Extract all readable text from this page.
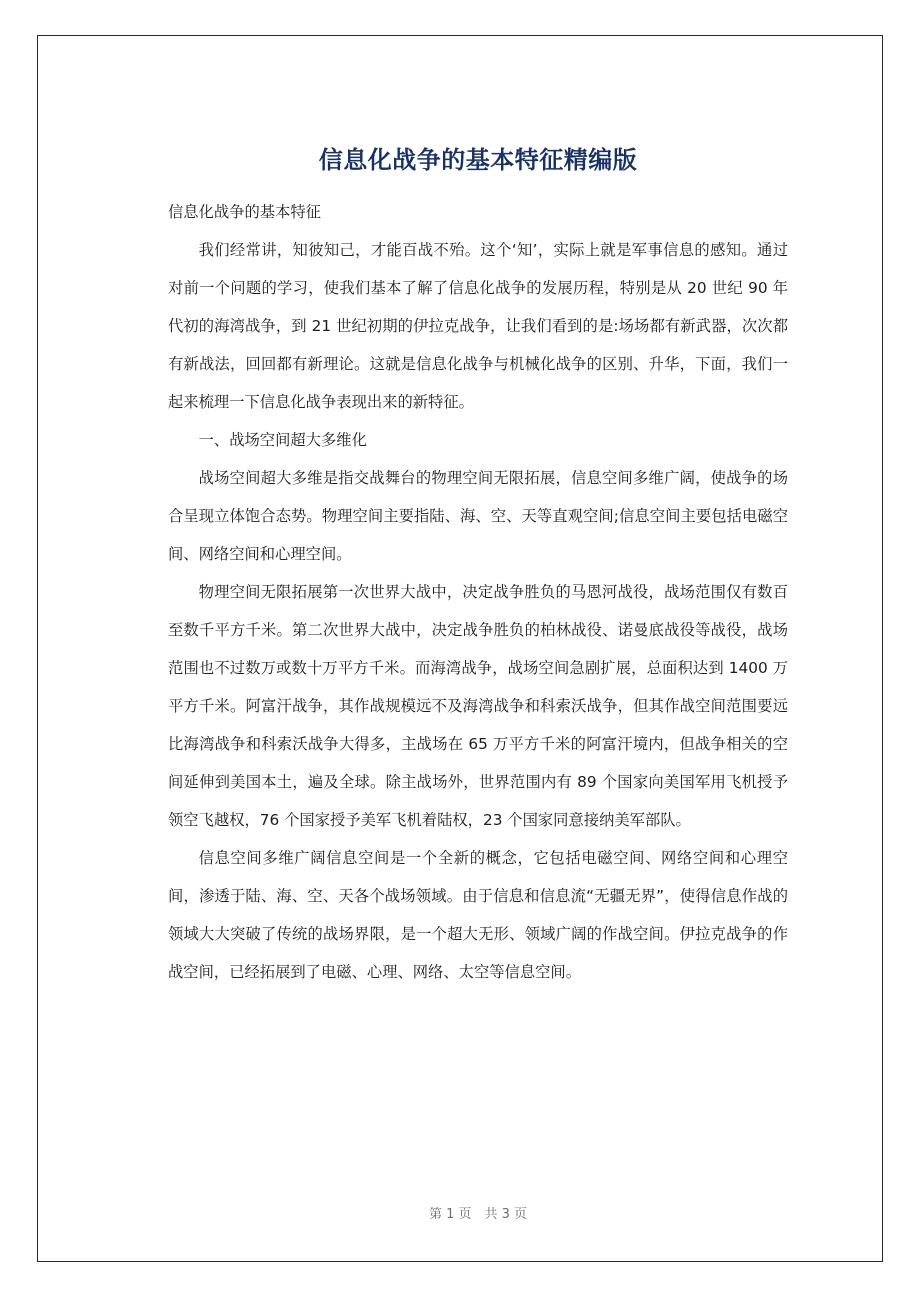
信息化战争的基本特征精编版

信息化战争的基本特征

我们经常讲，知彼知己，才能百战不殆。这个‘知’，实际上就是军事信息的感知。通过对前一个问题的学习，使我们基本了解了信息化战争的发展历程，特别是从 20 世纪 90 年代初的海湾战争，到 21 世纪初期的伊拉克战争，让我们看到的是:场场都有新武器，次次都有新战法，回回都有新理论。这就是信息化战争与机械化战争的区别、升华，下面，我们一起来梳理一下信息化战争表现出来的新特征。

一、战场空间超大多维化

战场空间超大多维是指交战舞台的物理空间无限拓展，信息空间多维广阔，使战争的场合呈现立体饱合态势。物理空间主要指陆、海、空、天等直观空间;信息空间主要包括电磁空间、网络空间和心理空间。

物理空间无限拓展第一次世界大战中，决定战争胜负的马恩河战役，战场范围仅有数百至数千平方千米。第二次世界大战中，决定战争胜负的柏林战役、诺曼底战役等战役，战场范围也不过数万或数十万平方千米。而海湾战争，战场空间急剧扩展，总面积达到 1400 万平方千米。阿富汗战争，其作战规模远不及海湾战争和科索沃战争，但其作战空间范围要远比海湾战争和科索沃战争大得多，主战场在 65 万平方千米的阿富汗境内，但战争相关的空间延伸到美国本土，遍及全球。除主战场外，世界范围内有 89 个国家向美国军用飞机授予领空飞越权，76 个国家授予美军飞机着陆权，23 个国家同意接纳美军部队。

信息空间多维广阔信息空间是一个全新的概念，它包括电磁空间、网络空间和心理空间，渗透于陆、海、空、天各个战场领域。由于信息和信息流“无疆无界”，使得信息作战的领域大大突破了传统的战场界限，是一个超大无形、领域广阔的作战空间。伊拉克战争的作战空间，已经拓展到了电磁、心理、网络、太空等信息空间。

第 1 页　共 3 页
